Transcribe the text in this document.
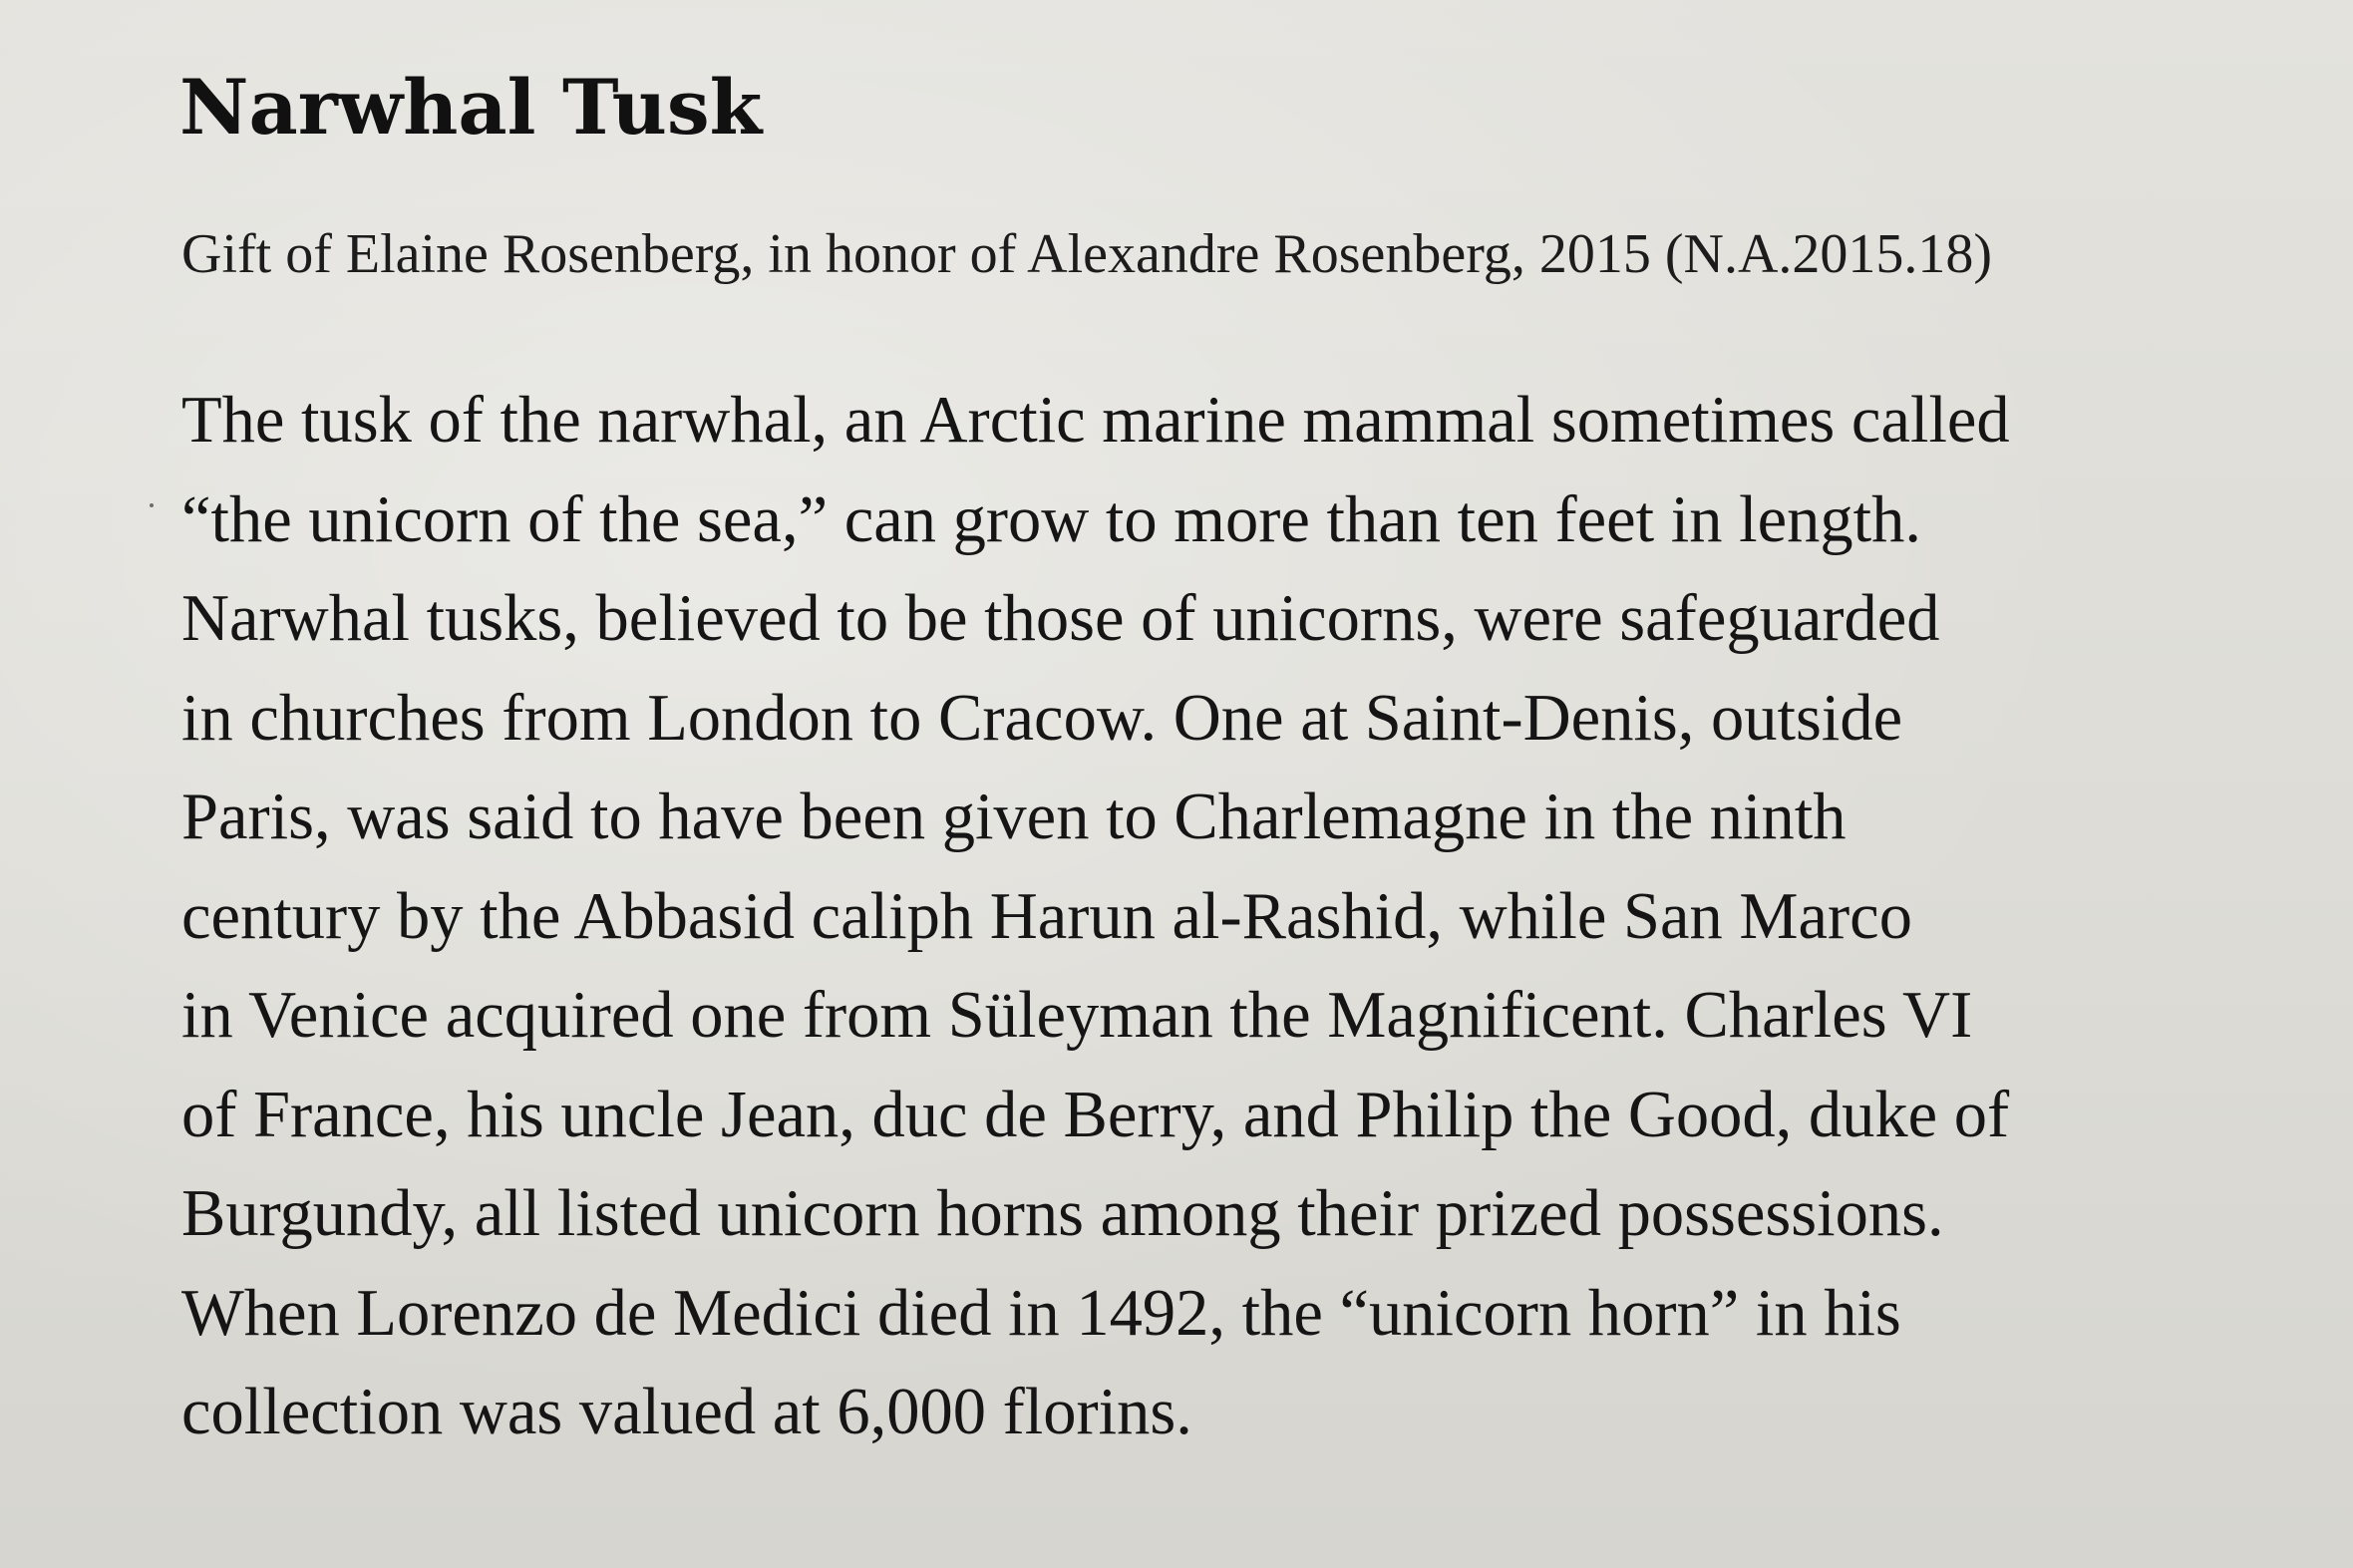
Narwhal Tusk

Gift of Elaine Rosenberg, in honor of Alexandre Rosenberg, 2015 (N.A.2015.18)

The tusk of the narwhal, an Arctic marine mammal sometimes called
“the unicorn of the sea,” can grow to more than ten feet in length.
Narwhal tusks, believed to be those of unicorns, were safeguarded
in churches from London to Cracow. One at Saint-Denis, outside
Paris, was said to have been given to Charlemagne in the ninth
century by the Abbasid caliph Harun al-Rashid, while San Marco
in Venice acquired one from Süleyman the Magnificent. Charles VI
of France, his uncle Jean, duc de Berry, and Philip the Good, duke of
Burgundy, all listed unicorn horns among their prized possessions.
When Lorenzo de Medici died in 1492, the “unicorn horn” in his
collection was valued at 6,000 florins.
